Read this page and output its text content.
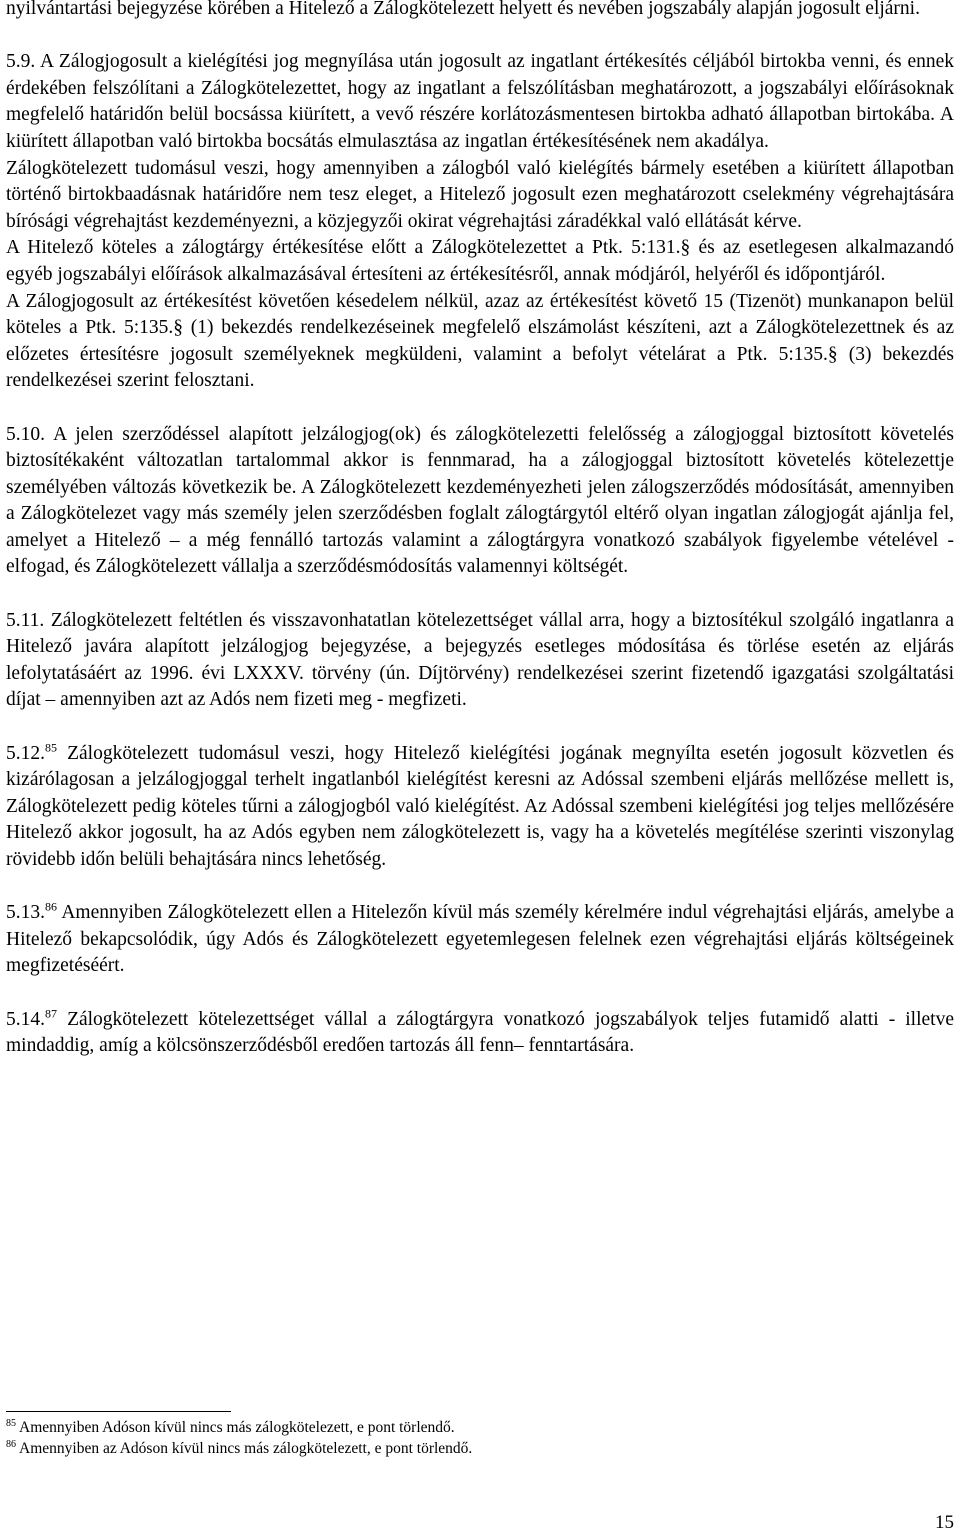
nyilvántartási bejegyzése körében a Hitelező a Zálogkötelezett helyett és nevében jogszabály alapján jogosult eljárni.

5.9. A Zálogjogosult a kielégítési jog megnyílása után jogosult az ingatlant értékesítés céljából birtokba venni, és ennek érdekében felszólítani a Zálogkötelezettet, hogy az ingatlant a felszólításban meghatározott, a jogszabályi előírásoknak megfelelő határidőn belül bocsássa kiürített, a vevő részére korlátozásmentesen birtokba adható állapotban birtokába. A kiürített állapotban való birtokba bocsátás elmulasztása az ingatlan értékesítésének nem akadálya.

Zálogkötelezett tudomásul veszi, hogy amennyiben a zálogból való kielégítés bármely esetében a kiürített állapotban történő birtokbaadásnak határidőre nem tesz eleget, a Hitelező jogosult ezen meghatározott cselekmény végrehajtására bírósági végrehajtást kezdeményezni, a közjegyzői okirat végrehajtási záradékkal való ellátását kérve.

A Hitelező köteles a zálogtárgy értékesítése előtt a Zálogkötelezettet a Ptk. 5:131.§ és az esetlegesen alkalmazandó egyéb jogszabályi előírások alkalmazásával értesíteni az értékesítésről, annak módjáról, helyéről és időpontjáról.

A Zálogjogosult az értékesítést követően késedelem nélkül, azaz az értékesítést követő 15 (Tizenöt) munkanapon belül köteles a Ptk. 5:135.§ (1) bekezdés rendelkezéseinek megfelelő elszámolást készíteni, azt a Zálogkötelezettnek és az előzetes értesítésre jogosult személyeknek megküldeni, valamint a befolyt vételárat a Ptk. 5:135.§ (3) bekezdés rendelkezései szerint felosztani.

5.10. A jelen szerződéssel alapított jelzálogjog(ok) és zálogkötelezetti felelősség a zálogjoggal biztosított követelés biztosítékaként változatlan tartalommal akkor is fennmarad, ha a zálogjoggal biztosított követelés kötelezettje személyében változás következik be. A Zálogkötelezett kezdeményezheti jelen zálogszerződés módosítását, amennyiben a Zálogkötelezet vagy más személy jelen szerződésben foglalt zálogtárgytól eltérő olyan ingatlan zálogjogát ajánlja fel, amelyet a Hitelező – a még fennálló tartozás valamint a zálogtárgyra vonatkozó szabályok figyelembe vételével - elfogad, és Zálogkötelezett vállalja a szerződésmódosítás valamennyi költségét.

5.11. Zálogkötelezett feltétlen és visszavonhatatlan kötelezettséget vállal arra, hogy a biztosítékul szolgáló ingatlanra a Hitelező javára alapított jelzálogjog bejegyzése, a bejegyzés esetleges módosítása és törlése esetén az eljárás lefolytatásáért az 1996. évi LXXXV. törvény (ún. Díjtörvény) rendelkezései szerint fizetendő igazgatási szolgáltatási díjat – amennyiben azt az Adós nem fizeti meg - megfizeti.

5.12.85 Zálogkötelezett tudomásul veszi, hogy Hitelező kielégítési jogának megnyílta esetén jogosult közvetlen és kizárólagosan a jelzálogjoggal terhelt ingatlanból kielégítést keresni az Adóssal szembeni eljárás mellőzése mellett is, Zálogkötelezett pedig köteles tűrni a zálogjogból való kielégítést. Az Adóssal szembeni kielégítési jog teljes mellőzésére Hitelező akkor jogosult, ha az Adós egyben nem zálogkötelezett is, vagy ha a követelés megítélése szerinti viszonylag rövidebb időn belüli behajtására nincs lehetőség.

5.13.86 Amennyiben Zálogkötelezett ellen a Hitelezőn kívül más személy kérelmére indul végrehajtási eljárás, amelybe a Hitelező bekapcsolódik, úgy Adós és Zálogkötelezett egyetemlegesen felelnek ezen végrehajtási eljárás költségeinek megfizetéséért.

5.14.87 Zálogkötelezett kötelezettséget vállal a zálogtárgyra vonatkozó jogszabályok teljes futamidő alatti - illetve mindaddig, amíg a kölcsönszerződésből eredően tartozás áll fenn– fenntartására.

$^{85}$ Amennyiben Adóson kívül nincs más zálogkötelezett, e pont törlendő.

$^{86}$ Amennyiben az Adóson kívül nincs más zálogkötelezett, e pont törlendő.

15
